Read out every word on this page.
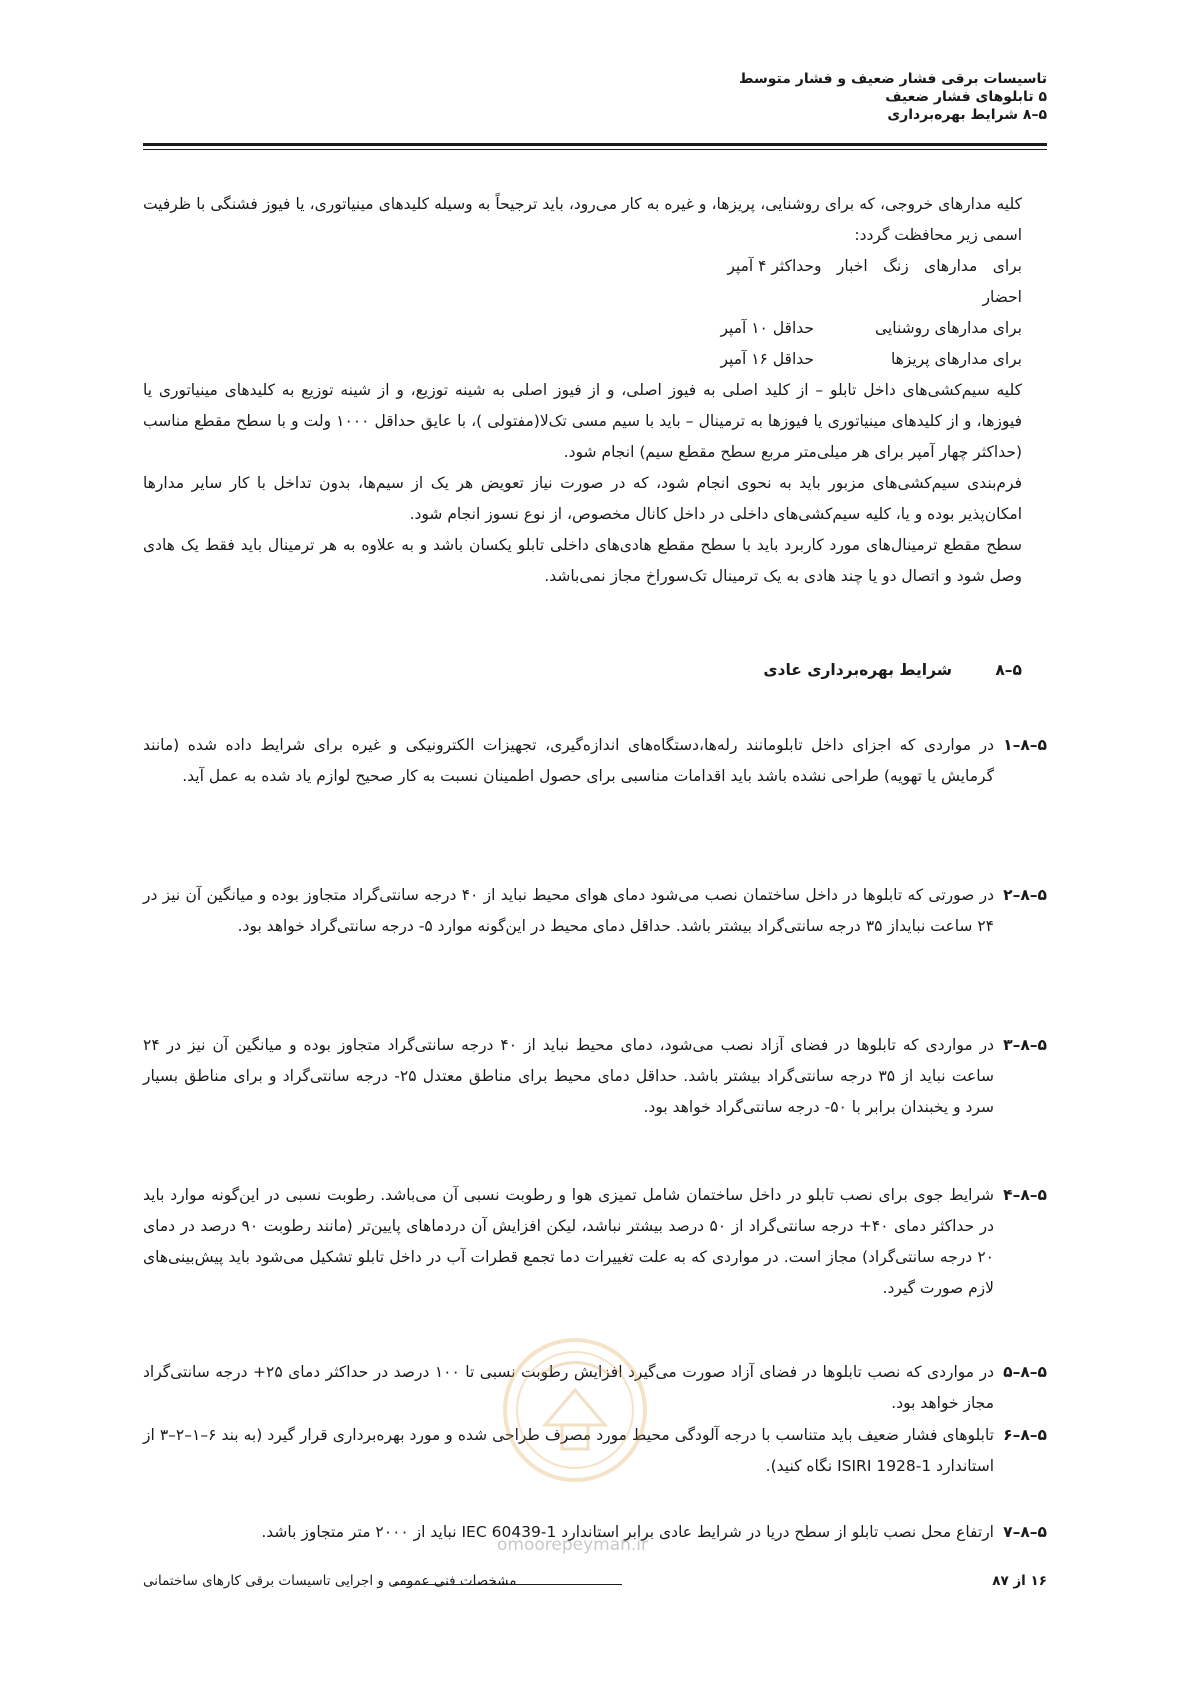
تاسیسات برقی فشار ضعیف و فشار متوسط
۵ تابلوهای فشار ضعیف
۵–۸ شرایط بهره‌برداری

کلیه مدارهای خروجی، که برای روشنایی، پریزها، و غیره به کار می‌رود، باید ترجیحاً به وسیله کلیدهای مینیاتوری، یا فیوز فشنگی با ظرفیت اسمی زیر محافظت گردد:

برای مدارهای زنگ اخبار و احضار
حداکثر ۴ آمپر
برای مدارهای روشنایی
حداقل ۱۰ آمپر
برای مدارهای پریزها
حداقل ۱۶ آمپر

کلیه سیم‌کشی‌های داخل تابلو – از کلید اصلی به فیوز اصلی، و از فیوز اصلی به شینه توزیع، و از شینه توزیع به کلیدهای مینیاتوری یا فیوزها، و از کلیدهای مینیاتوری یا فیوزها به ترمینال – باید با سیم مسی تک‌لا(مفتولی )، با عایق حداقل ۱۰۰۰ ولت و با سطح مقطع مناسب (حداکثر چهار آمپر برای هر میلی‌متر مربع سطح مقطع سیم) انجام شود.

فرم‌بندی سیم‌کشی‌های مزبور باید به نحوی انجام شود، که در صورت نیاز تعویض هر یک از سیم‌ها، بدون تداخل با کار سایر مدارها امکان‌پذیر بوده و یا، کلیه سیم‌کشی‌های داخلی در داخل کانال مخصوص، از نوع نسوز انجام شود.

سطح مقطع ترمینال‌های مورد کاربرد باید با سطح مقطع هادی‌های داخلی تابلو یکسان باشد و به علاوه به هر ترمینال باید فقط یک هادی وصل شود و اتصال دو یا چند هادی به یک ترمینال تک‌سوراخ مجاز نمی‌باشد.

۵–۸
شرایط بهره‌برداری عادی
۵–۸–۱
در مواردی که اجزای داخل تابلومانند رله‌ها،دستگاه‌های اندازه‌گیری، تجهیزات الکترونیکی و غیره برای شرایط داده شده (مانند گرمایش یا تهویه) طراحی نشده باشد باید اقدامات مناسبی برای حصول اطمینان نسبت به کار صحیح لوازم یاد شده به عمل آید.
۵–۸–۲
در صورتی که تابلوها در داخل ساختمان نصب می‌شود دمای هوای محیط نباید از ۴۰ درجه سانتی‌گراد متجاوز بوده و میانگین آن نیز در ۲۴ ساعت نبایداز ۳۵ درجه سانتی‌گراد بیشتر باشد. حداقل دمای محیط در این‌گونه موارد ۵- درجه سانتی‌گراد خواهد بود.
۵–۸–۳
در مواردی که تابلوها در فضای آزاد نصب می‌شود، دمای محیط نباید از ۴۰ درجه سانتی‌گراد متجاوز بوده و میانگین آن نیز در ۲۴ ساعت نباید از ۳۵ درجه سانتی‌گراد بیشتر باشد. حداقل دمای محیط برای مناطق معتدل ۲۵- درجه سانتی‌گراد و برای مناطق بسیار سرد و یخبندان برابر با ۵۰- درجه سانتی‌گراد خواهد بود.
۵–۸–۴
شرایط جوی برای نصب تابلو در داخل ساختمان شامل تمیزی هوا و رطوبت نسبی آن می‌باشد. رطوبت نسبی در این‌گونه موارد باید در حداکثر دمای ۴۰+ درجه سانتی‌گراد از ۵۰ درصد بیشتر نباشد، لیکن افزایش آن دردماهای پایین‌تر (مانند رطوبت ۹۰ درصد در دمای ۲۰ درجه سانتی‌گراد) مجاز است. در مواردی که به علت تغییرات دما تجمع قطرات آب در داخل تابلو تشکیل می‌شود باید پیش‌بینی‌های لازم صورت گیرد.
۵–۸–۵
در مواردی که نصب تابلوها در فضای آزاد صورت می‌گیرد افزایش رطوبت نسبی تا ۱۰۰ درصد در حداکثر دمای ۲۵+ درجه سانتی‌گراد مجاز خواهد بود.
۵–۸–۶
تابلوهای فشار ضعیف باید متناسب با درجه آلودگی محیط مورد مصرف طراحی شده و مورد بهره‌برداری قرار گیرد (به بند ۶–۱–۲–۳ از استاندارد ISIRI 1928-1 نگاه کنید).
۵–۸–۷
ارتفاع محل نصب تابلو از سطح دریا در شرایط عادی برابر استاندارد IEC 60439-1 نباید از ۲۰۰۰ متر متجاوز باشد.
omoorepeyman.ir
۱۶ از ۸۷
مشخصات فنی عمومی و اجرایی تاسیسات برقی کارهای ساختمانی
